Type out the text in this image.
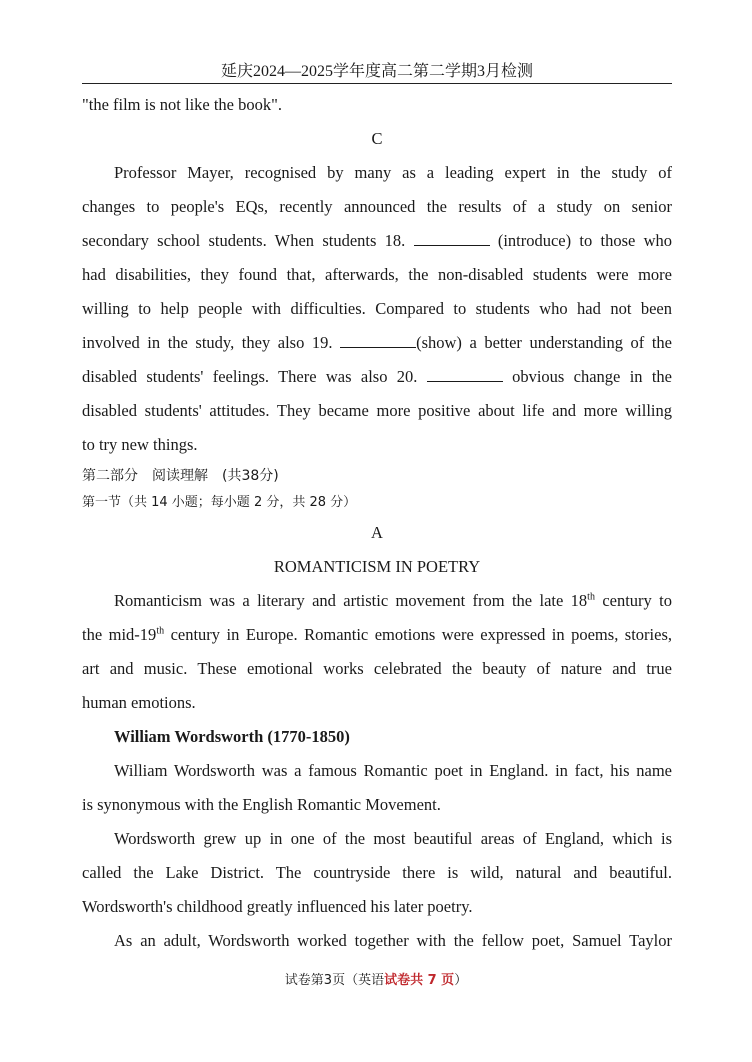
延庆2024—2025学年度高二第二学期3月检测
"the film is not like the book".
C
Professor Mayer, recognised by many as a leading expert in the study of
changes to people's EQs, recently announced the results of a study on senior
secondary school students. When students 18.	(introduce) to those who
had disabilities, they found that, afterwards, the non-disabled students were more
willing to help people with difficulties. Compared to students who had not been
involved in the study, they also 19.	(show) a better understanding of the
disabled students' feelings. There was also 20.	obvious change in the
disabled students' attitudes. They became more positive about life and more willing
to try new things.
第二部分　阅读理解　(共38分)
第一节（共 14 小题；每小题 2 分，共 28 分）
A
ROMANTICISM IN POETRY
Romanticism was a literary and artistic movement from the late 18th century to
the mid-19th century in Europe. Romantic emotions were expressed in poems, stories,
art and music. These emotional works celebrated the beauty of nature and true
human emotions.
William Wordsworth (1770-1850)
William Wordsworth was a famous Romantic poet in England. in fact, his name
is synonymous with the English Romantic Movement.
Wordsworth grew up in one of the most beautiful areas of England, which is
called the Lake District. The countryside there is wild, natural and beautiful.
Wordsworth's childhood greatly influenced his later poetry.
As an adult, Wordsworth worked together with the fellow poet, Samuel Taylor
试卷第3页（英语试卷共 7 页）
